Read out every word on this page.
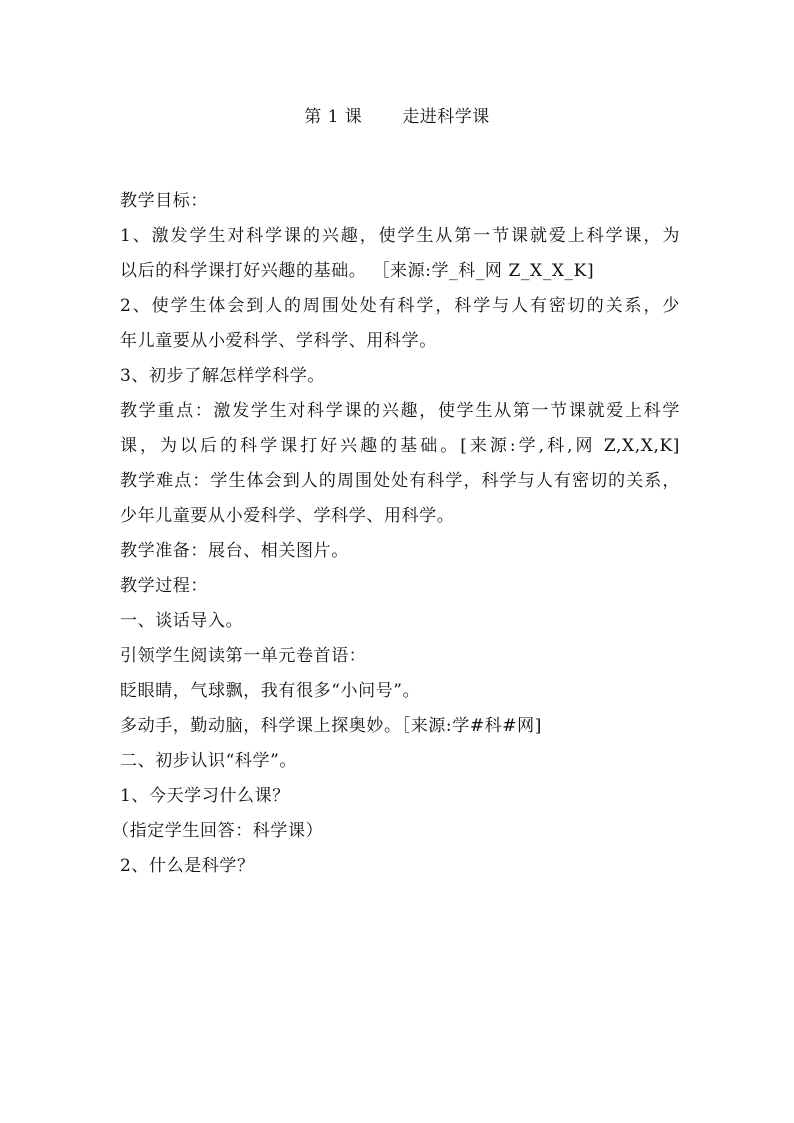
第 1 课 走进科学课
教学目标：
1、激发学生对科学课的兴趣，使学生从第一节课就爱上科学课，为
以后的科学课打好兴趣的基础。 ［来源:学_科_网 Z_X_X_K]
2、使学生体会到人的周围处处有科学，科学与人有密切的关系，少
年儿童要从小爱科学、学科学、用科学。
3、初步了解怎样学科学。
教学重点：激发学生对科学课的兴趣，使学生从第一节课就爱上科学
课，为以后的科学课打好兴趣的基础。[来源:学,科,网 Z,X,X,K]
教学难点：学生体会到人的周围处处有科学，科学与人有密切的关系，
少年儿童要从小爱科学、学科学、用科学。
教学准备：展台、相关图片。
教学过程：
一、谈话导入。
引领学生阅读第一单元卷首语：
眨眼睛，气球飘，我有很多“小问号”。
多动手，勤动脑，科学课上探奥妙。［来源:学#科#网]
二、初步认识“科学”。
1、今天学习什么课？
（指定学生回答：科学课）
2、什么是科学？
